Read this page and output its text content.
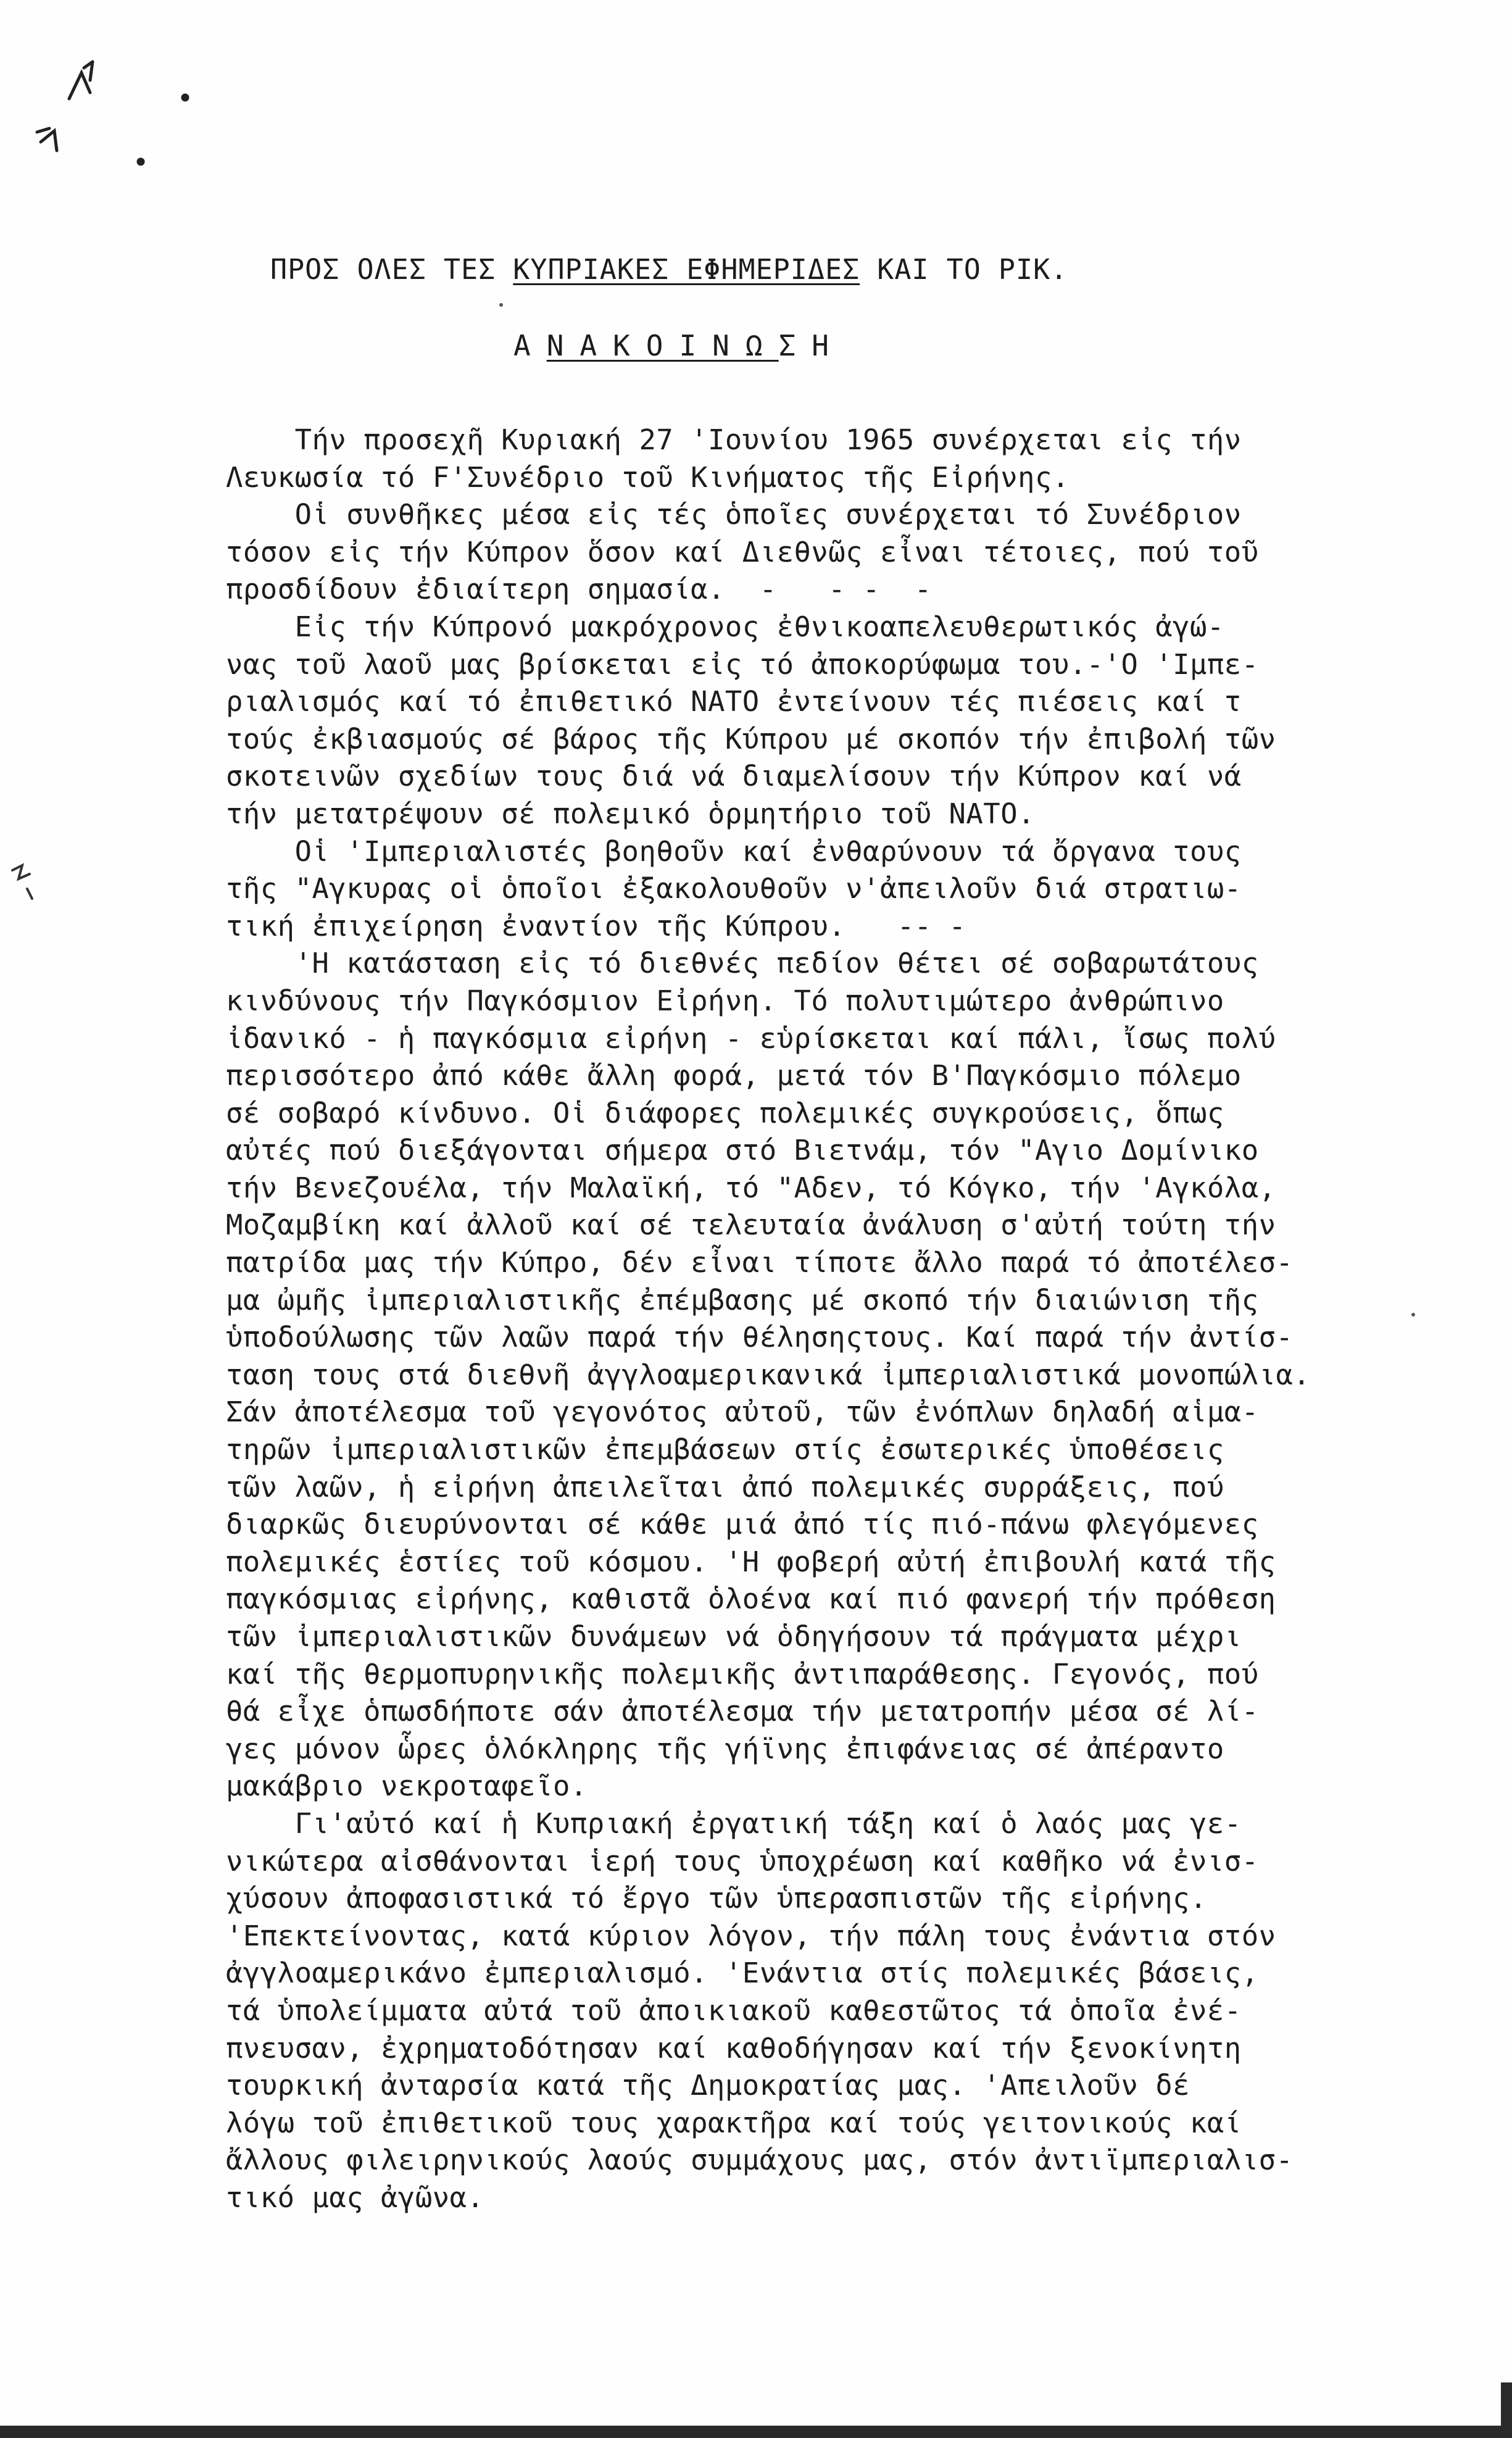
ΠΡΟΣ ΟΛΕΣ ΤΕΣ ΚΥΠΡΙΑΚΕΣ ΕΦΗΜΕΡΙΔΕΣ ΚΑΙ ΤΟ ΡΙΚ.
ΑΝΑΚΟΙΝΩΣΗ
Τήν προσεχῆ Κυριακή 27 'Ιουνίου 1965 συνέρχεται εἰς τήν
Λευκωσία τό Ϝ'Συνέδριο τοῦ Κινήματος τῆς Εἰρήνης.
Οἱ συνθῆκες μέσα εἰς τές ὁποῖες συνέρχεται τό Συνέδριον
τόσον εἰς τήν Κύπρον ὅσον καί Διεθνῶς εἶναι τέτοιες, πού τοῦ
προσδίδουν ἐδιαίτερη σημασία.  -   - -  -
Εἰς τήν Κύπρονό μακρόχρονος ἐθνικοαπελευθερωτικός ἀγώ-
νας τοῦ λαοῦ μας βρίσκεται εἰς τό ἀποκορύφωμα του.-'Ο 'Ιμπε-
ριαλισμός καί τό ἐπιθετικό ΝΑΤΟ ἐντείνουν τές πιέσεις καί τ
τούς ἐκβιασμούς σέ βάρος τῆς Κύπρου μέ σκοπόν τήν ἐπιβολή τῶν
σκοτεινῶν σχεδίων τους διά νά διαμελίσουν τήν Κύπρον καί νά
τήν μετατρέψουν σέ πολεμικό ὁρμητήριο τοῦ ΝΑΤΟ.
Οἱ 'Ιμπεριαλιστές βοηθοῦν καί ἐνθαρύνουν τά ὄργανα τους
τῆς "Αγκυρας οἱ ὁποῖοι ἐξακολουθοῦν ν'ἀπειλοῦν διά στρατιω-
τική ἐπιχείρηση ἐναντίον τῆς Κύπρου.   -- -
'Η κατάσταση εἰς τό διεθνές πεδίον θέτει σέ σοβαρωτάτους
κινδύνους τήν Παγκόσμιον Εἰρήνη. Τό πολυτιμώτερο ἀνθρώπινο
ἰδανικό - ἡ παγκόσμια εἰρήνη - εὑρίσκεται καί πάλι, ἴσως πολύ
περισσότερο ἀπό κάθε ἄλλη φορά, μετά τόν Β'Παγκόσμιο πόλεμο
σέ σοβαρό κίνδυνο. Οἱ διάφορες πολεμικές συγκρούσεις, ὅπως
αὐτές πού διεξάγονται σήμερα στό Βιετνάμ, τόν "Αγιο Δομίνικο
τήν Βενεζουέλα, τήν Μαλαϊκή, τό "Αδεν, τό Κόγκο, τήν 'Αγκόλα,
Μοζαμβίκη καί ἀλλοῦ καί σέ τελευταία ἀνάλυση σ'αὐτή τούτη τήν
πατρίδα μας τήν Κύπρο, δέν εἶναι τίποτε ἄλλο παρά τό ἀποτέλεσ-
μα ὠμῆς ἰμπεριαλιστικῆς ἐπέμβασης μέ σκοπό τήν διαιώνιση τῆς
ὑποδούλωσης τῶν λαῶν παρά τήν θέλησηςτους. Καί παρά τήν ἀντίσ-
ταση τους στά διεθνῆ ἀγγλοαμερικανικά ἰμπεριαλιστικά μονοπώλια.
Σάν ἀποτέλεσμα τοῦ γεγονότος αὐτοῦ, τῶν ἐνόπλων δηλαδή αἱμα-
τηρῶν ἰμπεριαλιστικῶν ἐπεμβάσεων στίς ἐσωτερικές ὑποθέσεις
τῶν λαῶν, ἡ εἰρήνη ἀπειλεῖται ἀπό πολεμικές συρράξεις, πού
διαρκῶς διευρύνονται σέ κάθε μιά ἀπό τίς πιό-πάνω φλεγόμενες
πολεμικές ἑστίες τοῦ κόσμου. 'Η φοβερή αὐτή ἐπιβουλή κατά τῆς
παγκόσμιας εἰρήνης, καθιστᾶ ὁλοένα καί πιό φανερή τήν πρόθεση
τῶν ἰμπεριαλιστικῶν δυνάμεων νά ὁδηγήσουν τά πράγματα μέχρι
καί τῆς θερμοπυρηνικῆς πολεμικῆς ἀντιπαράθεσης. Γεγονός, πού
θά εἶχε ὁπωσδήποτε σάν ἀποτέλεσμα τήν μετατροπήν μέσα σέ λί-
γες μόνον ὧρες ὁλόκληρης τῆς γήϊνης ἐπιφάνειας σέ ἀπέραντο
μακάβριο νεκροταφεῖο.
Γι'αὐτό καί ἡ Κυπριακή ἐργατική τάξη καί ὁ λαός μας γε-
νικώτερα αἰσθάνονται ἱερή τους ὑποχρέωση καί καθῆκο νά ἐνισ-
χύσουν ἀποφασιστικά τό ἔργο τῶν ὑπερασπιστῶν τῆς εἰρήνης.
'Επεκτείνοντας, κατά κύριον λόγον, τήν πάλη τους ἐνάντια στόν
ἀγγλοαμερικάνο ἐμπεριαλισμό. 'Ενάντια στίς πολεμικές βάσεις,
τά ὑπολείμματα αὐτά τοῦ ἀποικιακοῦ καθεστῶτος τά ὁποῖα ἐνέ-
πνευσαν, ἐχρηματοδότησαν καί καθοδήγησαν καί τήν ξενοκίνητη
τουρκική ἀνταρσία κατά τῆς Δημοκρατίας μας. 'Απειλοῦν δέ
λόγω τοῦ ἐπιθετικοῦ τους χαρακτῆρα καί τούς γειτονικούς καί
ἄλλους φιλειρηνικούς λαούς συμμάχους μας, στόν ἀντιϊμπεριαλισ-
τικό μας ἀγῶνα.
